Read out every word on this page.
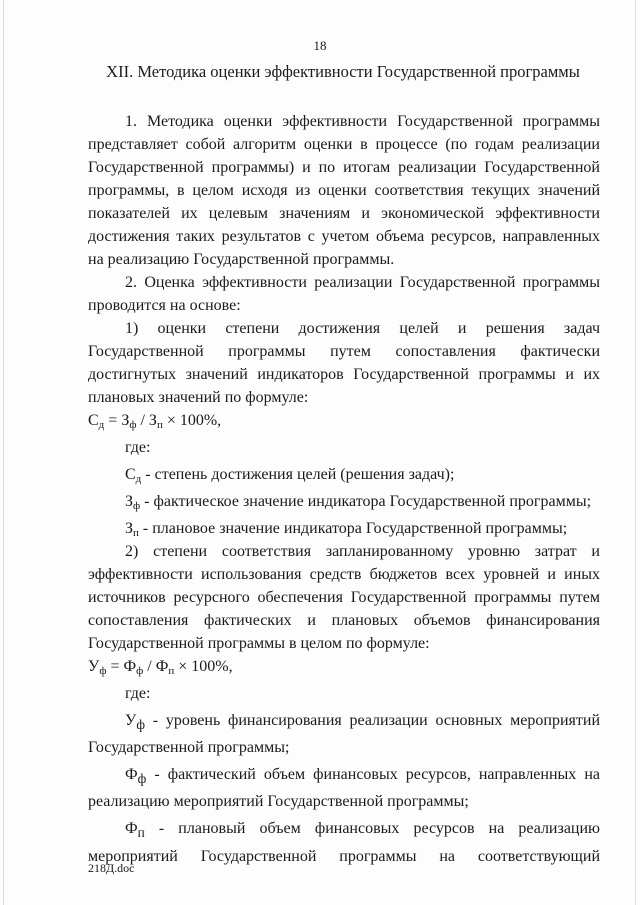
18
XII. Методика оценки эффективности Государственной программы

1. Методика оценки эффективности Государственной программы представляет собой алгоритм оценки в процессе (по годам реализации Государственной программы) и по итогам реализации Государственной программы, в целом исходя из оценки соответствия текущих значений показателей их целевым значениям и экономической эффективности достижения таких результатов с учетом объема ресурсов, направленных на реализацию Государственной программы.

2. Оценка эффективности реализации Государственной программы проводится на основе:

1) оценки степени достижения целей и решения задач Государственной программы путем сопоставления фактически достигнутых значений индикаторов Государственной программы и их плановых значений по формуле:

$С_д = З_ф / З_п \times 100\%$,

где:

$С_д$ - степень достижения целей (решения задач);

$З_ф$ - фактическое значение индикатора Государственной программы;

$З_п$ - плановое значение индикатора Государственной программы;

2) степени соответствия запланированному уровню затрат и эффективности использования средств бюджетов всех уровней и иных источников ресурсного обеспечения Государственной программы путем сопоставления фактических и плановых объемов финансирования Государственной программы в целом по формуле:

$У_ф = Ф_ф / Ф_п \times 100\%$,

где:

$У_ф$ - уровень финансирования реализации основных мероприятий Государственной программы;

$Ф_ф$ - фактический объем финансовых ресурсов, направленных на реализацию мероприятий Государственной программы;

$Ф_п$ - плановый объем финансовых ресурсов на реализацию мероприятий Государственной программы на соответствующий

218Д.doc
